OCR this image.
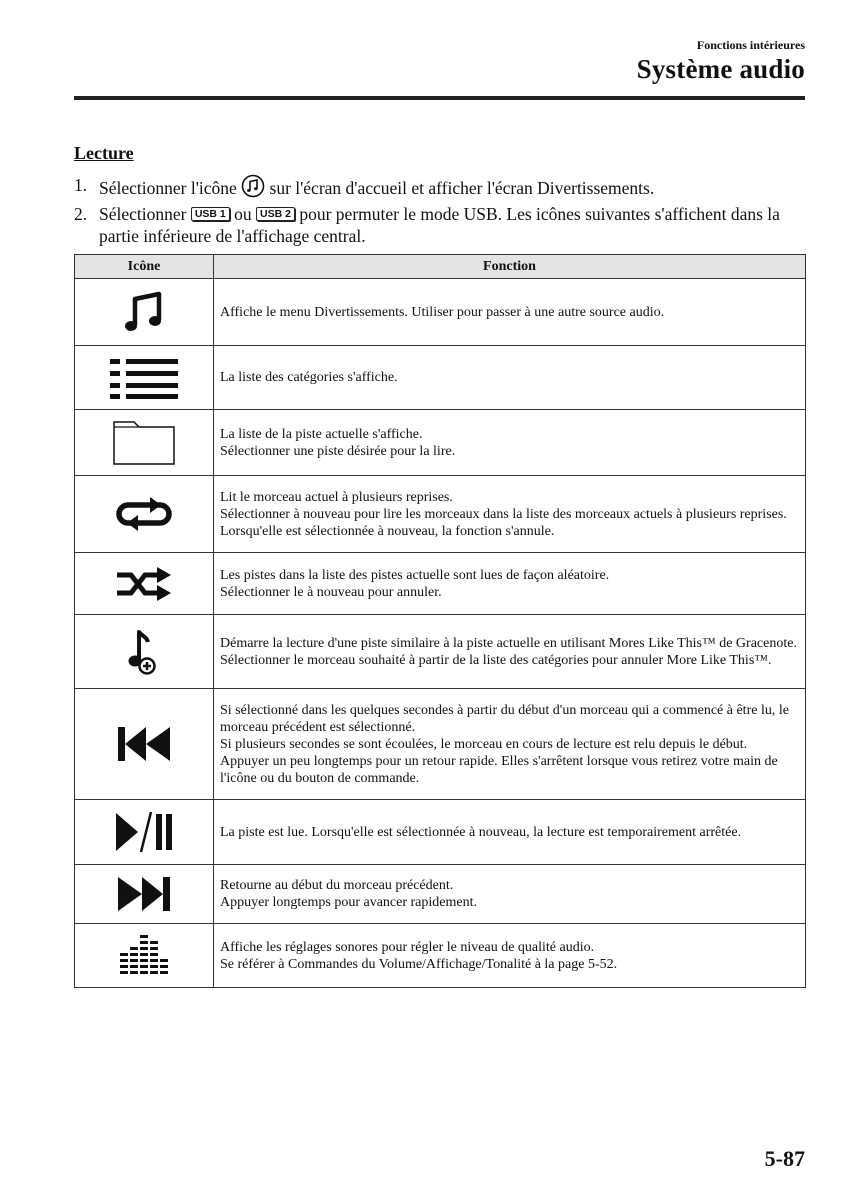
Fonctions intérieures
Système audio
Lecture
1. Sélectionner l'icône sur l'écran d'accueil et afficher l'écran Divertissements.
2. Sélectionner USB 1 ou USB 2 pour permuter le mode USB. Les icônes suivantes s'affichent dans la partie inférieure de l'affichage central.
Icône	Fonction

Affiche le menu Divertissements. Utiliser pour passer à une autre source audio.

La liste des catégories s'affiche.

La liste de la piste actuelle s'affiche.
Sélectionner une piste désirée pour la lire.

Lit le morceau actuel à plusieurs reprises.
Sélectionner à nouveau pour lire les morceaux dans la liste des morceaux actuels à plusieurs reprises.
Lorsqu'elle est sélectionnée à nouveau, la fonction s'annule.

Les pistes dans la liste des pistes actuelle sont lues de façon aléatoire.
Sélectionner le à nouveau pour annuler.

Démarre la lecture d'une piste similaire à la piste actuelle en utilisant Mores Like This™ de Gracenote.
Sélectionner le morceau souhaité à partir de la liste des catégories pour annuler More Like This™.

Si sélectionné dans les quelques secondes à partir du début d'un morceau qui a commencé à être lu, le morceau précédent est sélectionné.
Si plusieurs secondes se sont écoulées, le morceau en cours de lecture est relu depuis le début.
Appuyer un peu longtemps pour un retour rapide. Elles s'arrêtent lorsque vous retirez votre main de l'icône ou du bouton de commande.

La piste est lue. Lorsqu'elle est sélectionnée à nouveau, la lecture est temporairement arrêtée.

Retourne au début du morceau précédent.
Appuyer longtemps pour avancer rapidement.

Affiche les réglages sonores pour régler le niveau de qualité audio.
Se référer à Commandes du Volume/Affichage/Tonalité à la page 5-52.
5-87
